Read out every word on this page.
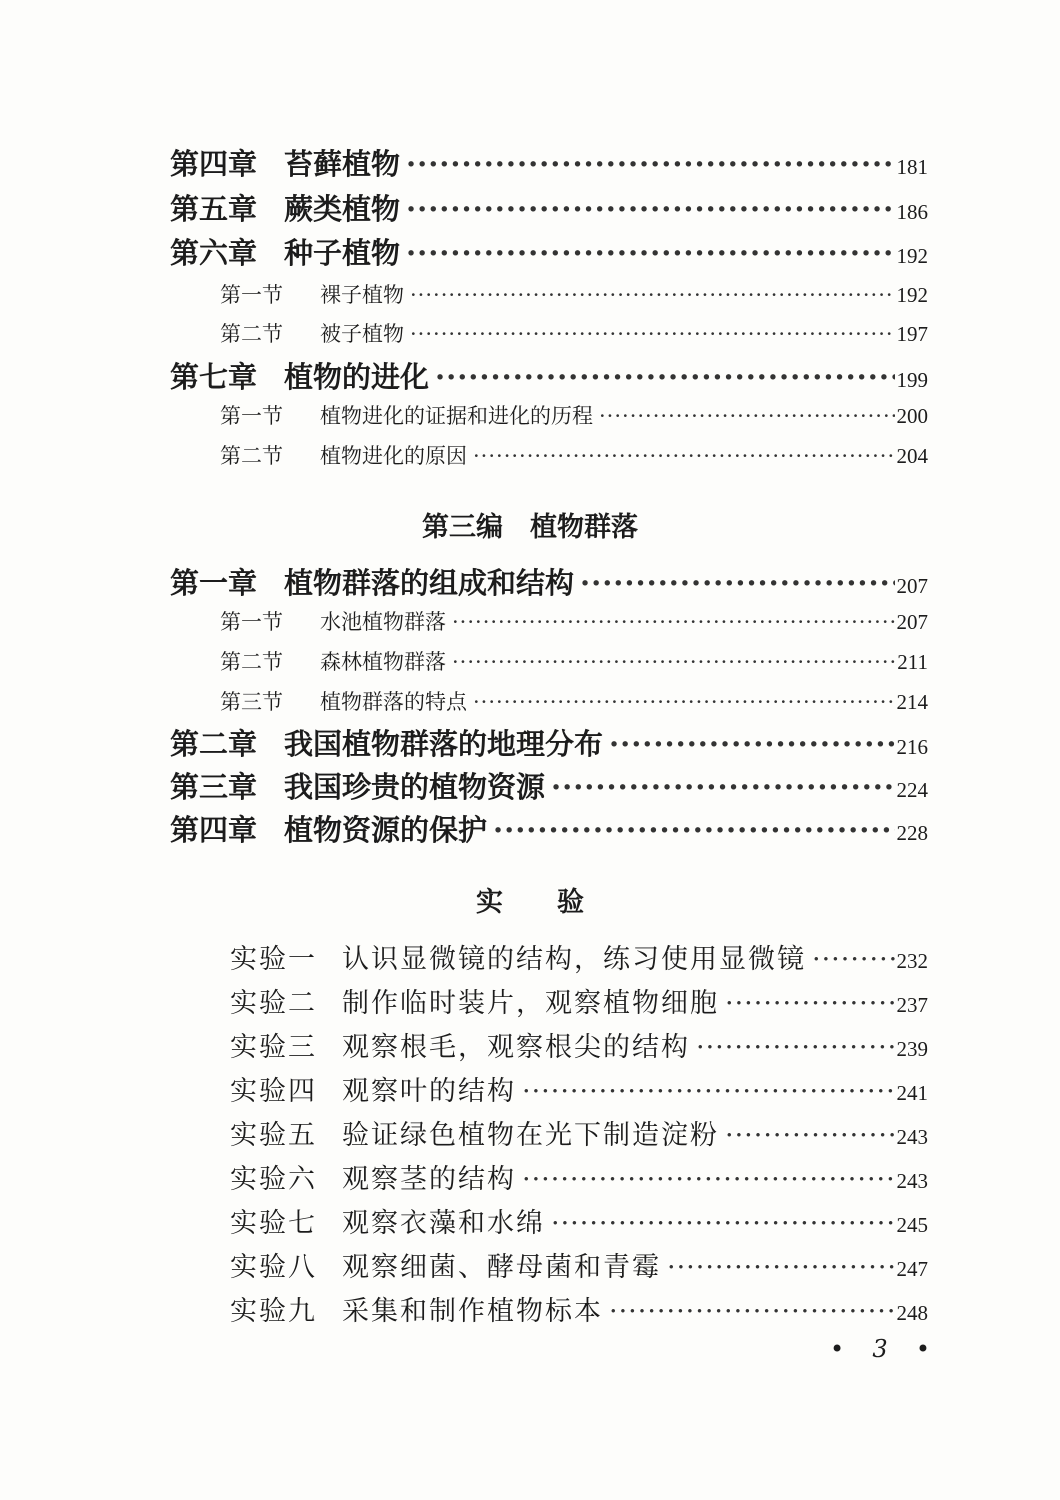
第四章 苔藓植物 ·····	181
第五章 蕨类植物 ·····	186
第六章 种子植物 ·····	192
第一节	裸子植物 ·····	192
第二节	被子植物 ·····	197
第七章 植物的进化 ·····	199
第一节	植物进化的证据和进化的历程 ·····	200
第二节	植物进化的原因 ·····	204
第三编　植物群落
第一章 植物群落的组成和结构 ·····	207
第一节	水池植物群落 ·····	207
第二节	森林植物群落 ·····	211
第三节	植物群落的特点 ·····	214
第二章 我国植物群落的地理分布 ·····	216
第三章 我国珍贵的植物资源 ·····	224
第四章 植物资源的保护 ·····	228
实　　验
实验一 认识显微镜的结构，练习使用显微镜 ·····	232
实验二 制作临时装片，观察植物细胞 ·····	237
实验三 观察根毛，观察根尖的结构 ·····	239
实验四 观察叶的结构 ·····	241
实验五 验证绿色植物在光下制造淀粉 ·····	243
实验六 观察茎的结构 ·····	243
实验七 观察衣藻和水绵 ·····	245
实验八 观察细菌、酵母菌和青霉 ·····	247
实验九 采集和制作植物标本 ·····	248
• 3 •
